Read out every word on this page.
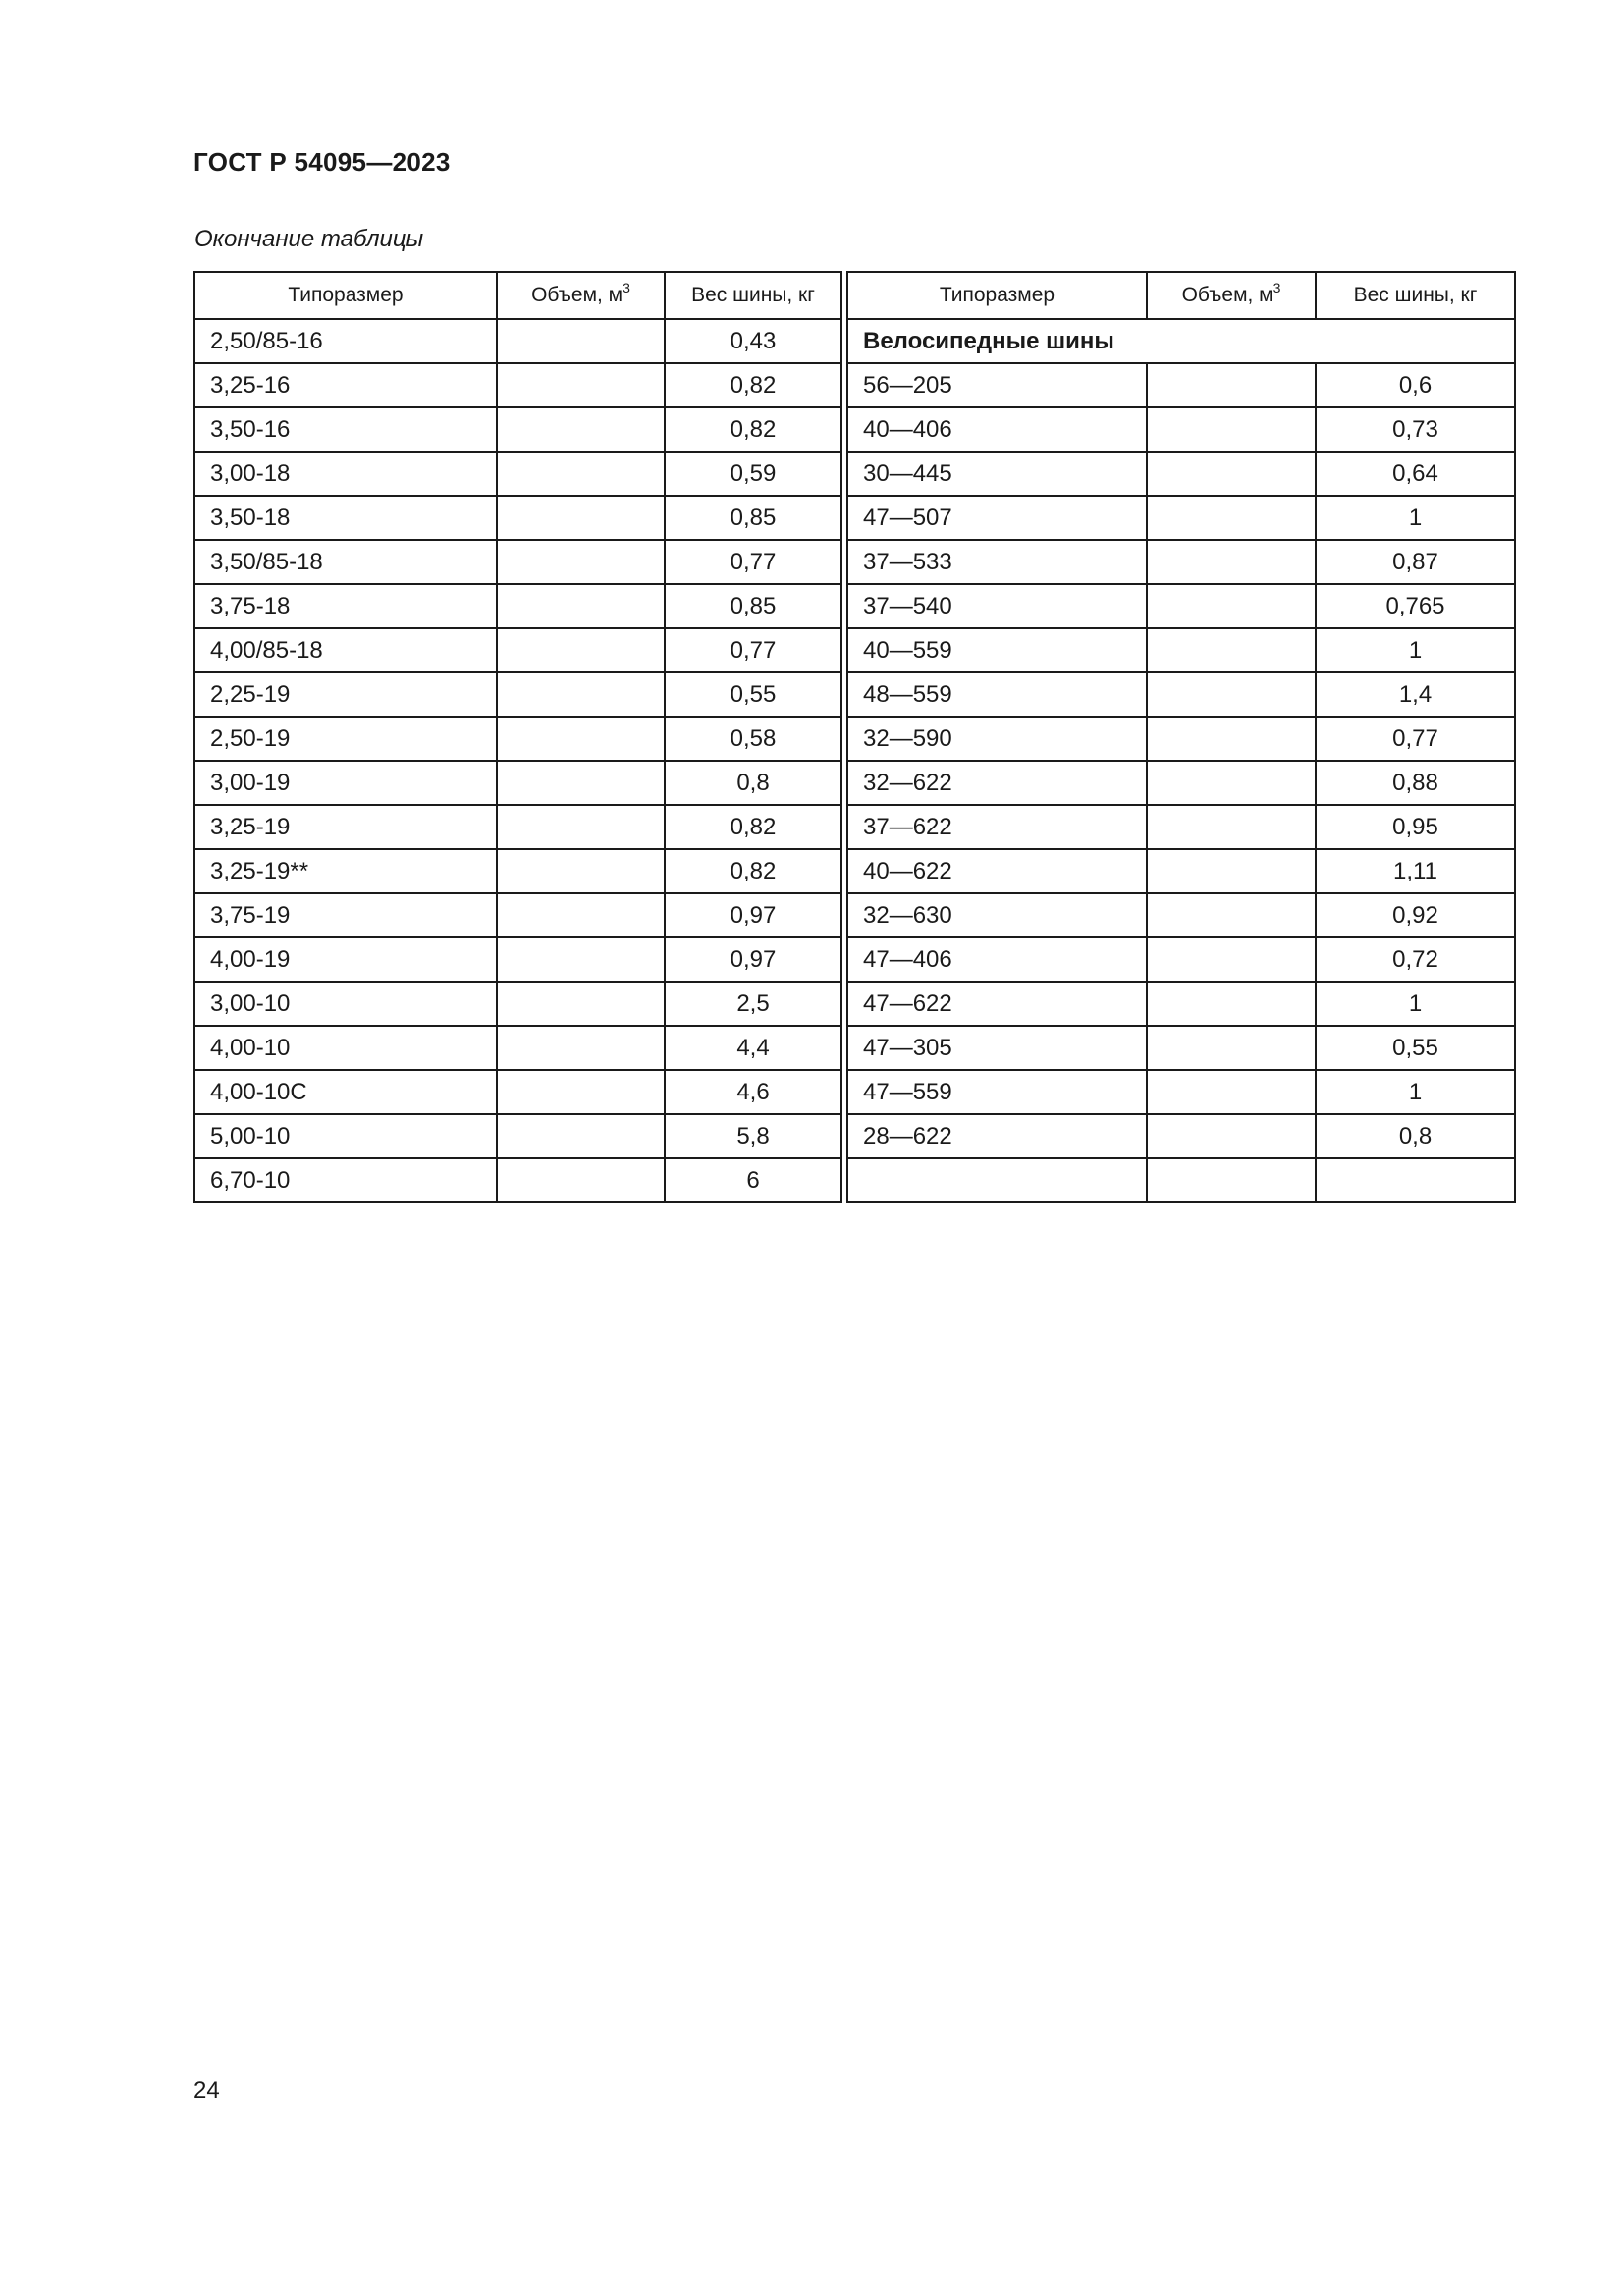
ГОСТ Р 54095—2023
Окончание таблицы
Типоразмер	Объем, $м^3$	Вес шины, кг		Типоразмер	Объем, $м^3$	Вес шины, кг
2,50/85-16		0,43		Велосипедные шины		
3,25-16		0,82		56—205		0,6
3,50-16		0,82		40—406		0,73
3,00-18		0,59		30—445		0,64
3,50-18		0,85		47—507		1
3,50/85-18		0,77		37—533		0,87
3,75-18		0,85		37—540		0,765
4,00/85-18		0,77		40—559		1
2,25-19		0,55		48—559		1,4
2,50-19		0,58		32—590		0,77
3,00-19		0,8		32—622		0,88
3,25-19		0,82		37—622		0,95
3,25-19**		0,82		40—622		1,11
3,75-19		0,97		32—630		0,92
4,00-19		0,97		47—406		0,72
3,00-10		2,5		47—622		1
4,00-10		4,4		47—305		0,55
4,00-10С		4,6		47—559		1
5,00-10		5,8		28—622		0,8
6,70-10		6				
24
